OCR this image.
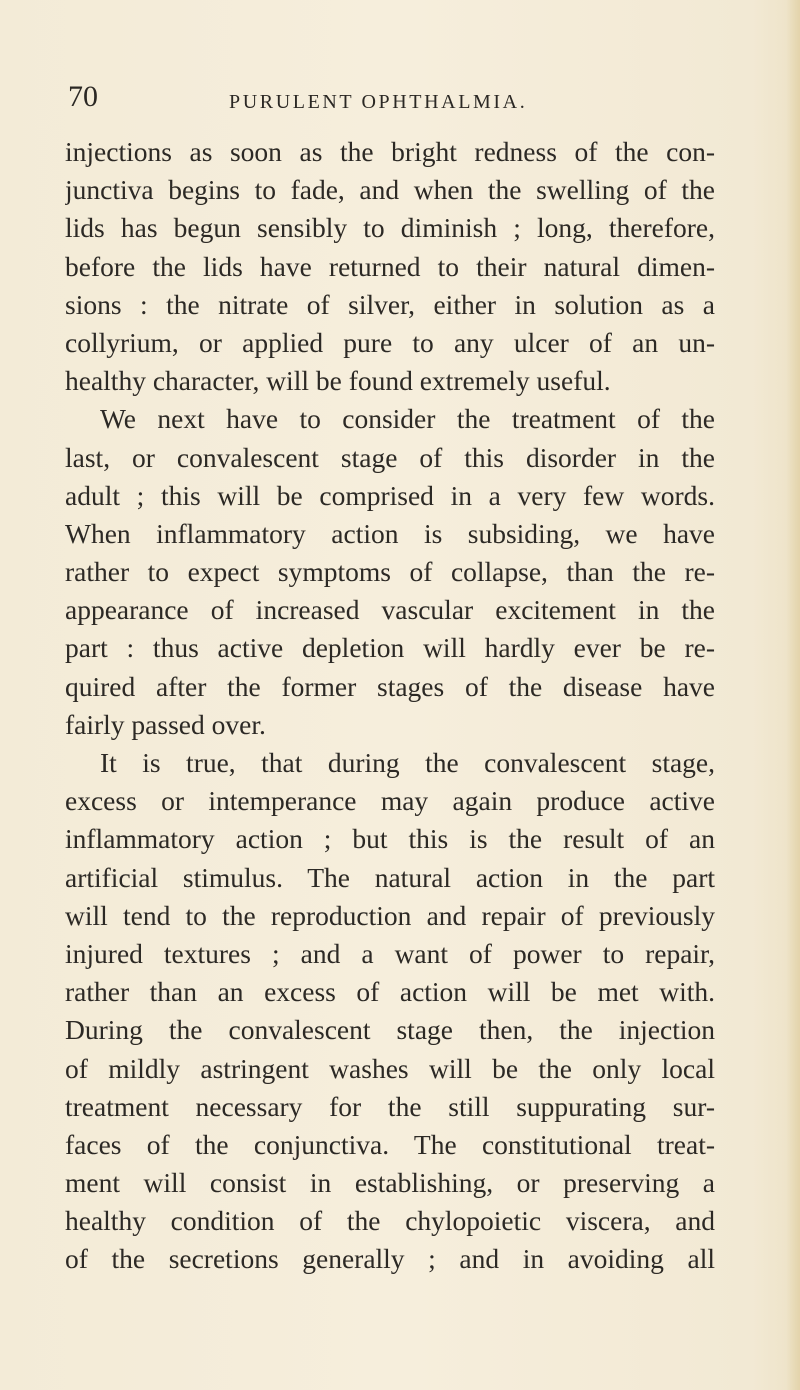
70	PURULENT OPHTHALMIA.
injections as soon as the bright redness of the con-
junctiva begins to fade, and when the swelling of the
lids has begun sensibly to diminish ; long, therefore,
before the lids have returned to their natural dimen-
sions : the nitrate of silver, either in solution as a
collyrium, or applied pure to any ulcer of an un-
healthy character, will be found extremely useful.
We next have to consider the treatment of the
last, or convalescent stage of this disorder in the
adult ; this will be comprised in a very few words.
When inflammatory action is subsiding, we have
rather to expect symptoms of collapse, than the re-
appearance of increased vascular excitement in the
part : thus active depletion will hardly ever be re-
quired after the former stages of the disease have
fairly passed over.
It is true, that during the convalescent stage,
excess or intemperance may again produce active
inflammatory action ; but this is the result of an
artificial stimulus. The natural action in the part
will tend to the reproduction and repair of previously
injured textures ; and a want of power to repair,
rather than an excess of action will be met with.
During the convalescent stage then, the injection
of mildly astringent washes will be the only local
treatment necessary for the still suppurating sur-
faces of the conjunctiva. The constitutional treat-
ment will consist in establishing, or preserving a
healthy condition of the chylopoietic viscera, and
of the secretions generally ; and in avoiding all
